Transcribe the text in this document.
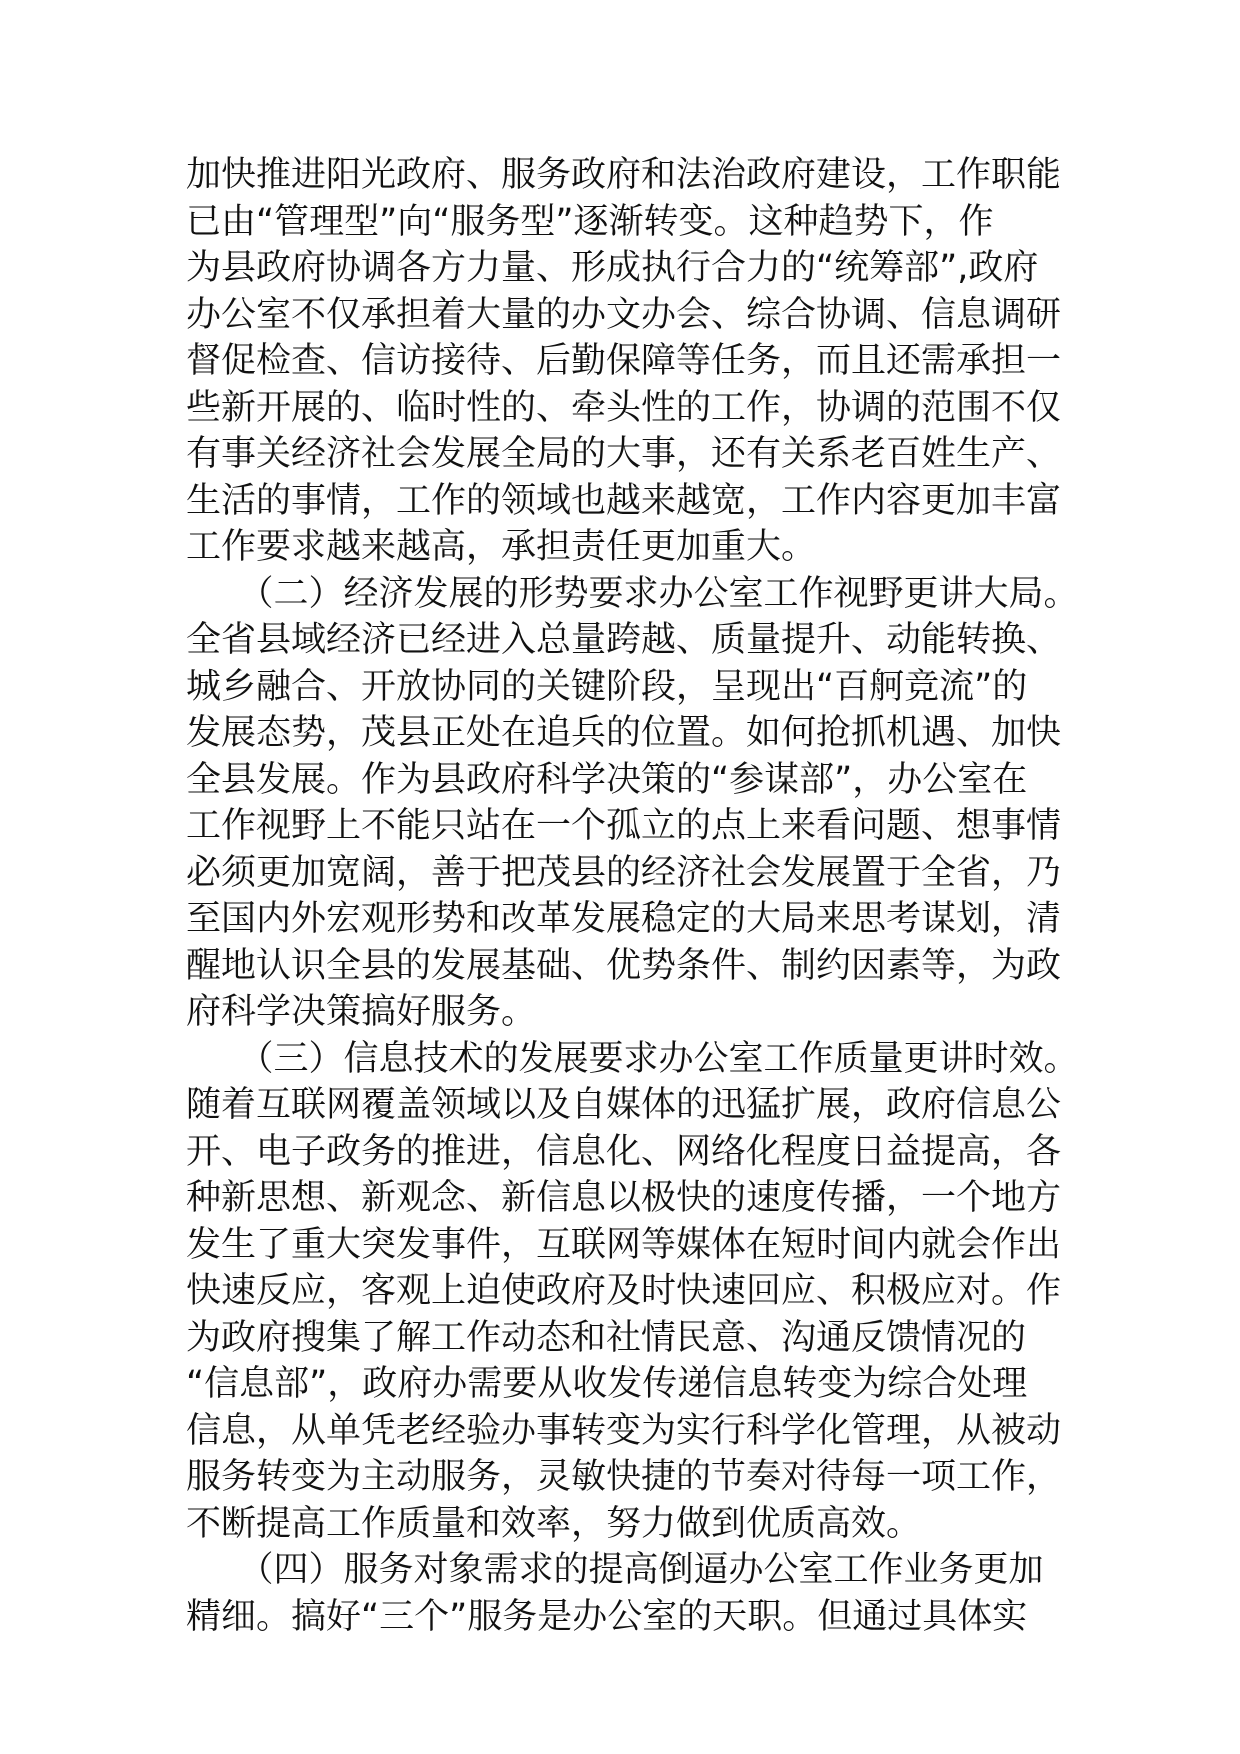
加快推进阳光政府、服务政府和法治政府建设，工作职能
已由“管理型”向“服务型”逐渐转变。这种趋势下，作
为县政府协调各方力量、形成执行合力的“统筹部”,政府
办公室不仅承担着大量的办文办会、综合协调、信息调研
督促检查、信访接待、后勤保障等任务，而且还需承担一
些新开展的、临时性的、牵头性的工作，协调的范围不仅
有事关经济社会发展全局的大事，还有关系老百姓生产、
生活的事情，工作的领域也越来越宽，工作内容更加丰富
工作要求越来越高，承担责任更加重大。
　　（二）经济发展的形势要求办公室工作视野更讲大局。
全省县域经济已经进入总量跨越、质量提升、动能转换、
城乡融合、开放协同的关键阶段，呈现出“百舸竞流”的
发展态势，茂县正处在追兵的位置。如何抢抓机遇、加快
全县发展。作为县政府科学决策的“参谋部”，办公室在
工作视野上不能只站在一个孤立的点上来看问题、想事情
必须更加宽阔，善于把茂县的经济社会发展置于全省，乃
至国内外宏观形势和改革发展稳定的大局来思考谋划，清
醒地认识全县的发展基础、优势条件、制约因素等，为政
府科学决策搞好服务。
　　（三）信息技术的发展要求办公室工作质量更讲时效。
随着互联网覆盖领域以及自媒体的迅猛扩展，政府信息公
开、电子政务的推进，信息化、网络化程度日益提高，各
种新思想、新观念、新信息以极快的速度传播，一个地方
发生了重大突发事件，互联网等媒体在短时间内就会作出
快速反应，客观上迫使政府及时快速回应、积极应对。作
为政府搜集了解工作动态和社情民意、沟通反馈情况的
“信息部”，政府办需要从收发传递信息转变为综合处理
信息，从单凭老经验办事转变为实行科学化管理，从被动
服务转变为主动服务，灵敏快捷的节奏对待每一项工作，
不断提高工作质量和效率，努力做到优质高效。
　　（四）服务对象需求的提高倒逼办公室工作业务更加
精细。搞好“三个”服务是办公室的天职。但通过具体实
